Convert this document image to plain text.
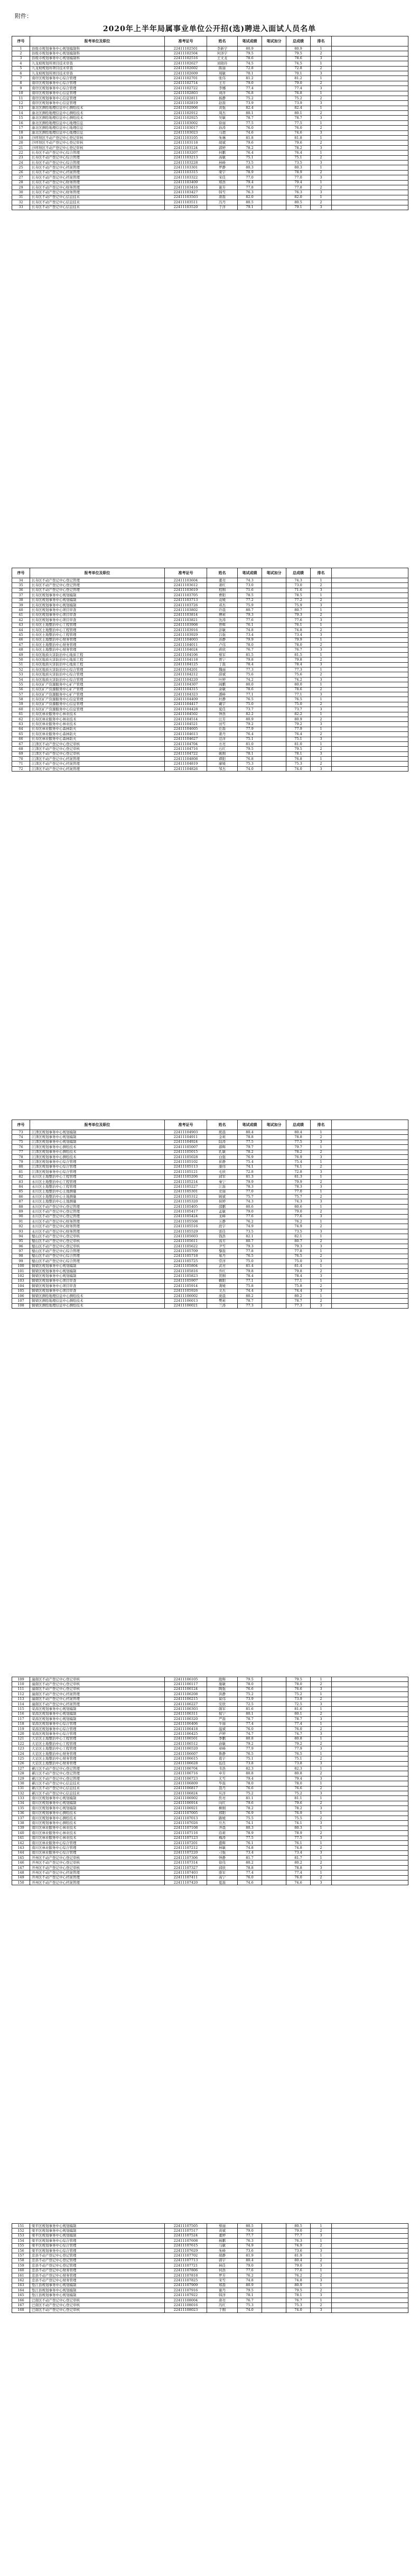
附件：
2020年上半年局属事业单位公开招(选)聘进入面试人员名单
序号	报考单位及职位	准考证号	姓名	笔试成绩	笔试加分	总成绩	排名	
1	县级市规划事务中心规划编制科	22411102501	李新宇	80.9		80.9	1	
2	县级市规划事务中心规划编制科	22411102504	何泽宇	79.5		79.5	2	
3	县级市规划事务中心规划编制科	22411102516	王文龙	78.6		78.6	3	
4	九龙坡规划所项目技术审查	22411102627	刘晓玲	74.5		74.5	1	
5	九龙坡规划所项目技术审查	22411102602	陈丽	72.8		72.8	2	
6	九龙坡规划所项目技术审查	22411102609	周敏	70.1		70.1	3	
7	南岸区规划事务中心综合管理	22411102701	张伟	81.2		81.2	1	
8	南岸区规划事务中心综合管理	22411102714	王芳	79.0		79.0	2	
9	南岸区规划事务中心综合管理	22411102722	李娜	77.4		77.4	3	
10	南岸区规划事务中心信息管理	22411102803	刘洋	76.8		76.8	1	
11	南岸区规划事务中心信息管理	22411102811	杨静	75.2		75.2	2	
12	南岸区规划事务中心信息管理	22411102819	赵磊	73.9		73.9	3	
13	渝北区测绘地理信息中心测绘技术	22411102906	黄强	82.4		82.4	1	
14	渝北区测绘地理信息中心测绘技术	22411102912	周杰	80.1		80.1	2	
15	渝北区测绘地理信息中心测绘技术	22411102925	吴敏	78.7		78.7	3	
16	渝北区测绘地理信息中心地理信息	22411103002	徐丽	77.5		77.5	1	
17	渝北区测绘地理信息中心地理信息	22411103017	孙涛	76.0		76.0	2	
18	渝北区测绘地理信息中心地理信息	22411103023	马超	74.6		74.6	3	
19	沙坪坝区不动产登记中心登记审核	22411103105	朱琳	81.8		81.8	1	
20	沙坪坝区不动产登记中心登记审核	22411103118	胡斌	79.6		79.6	2	
21	沙坪坝区不动产登记中心登记审核	22411103124	郭婷	78.2		78.2	3	
22	长寿区不动产登记中心综合管理	22411103207	何鹏	76.4		76.4	1	
23	长寿区不动产登记中心综合管理	22411103213	高敏	75.1		75.1	2	
24	长寿区不动产登记中心综合管理	22411103228	林峰	73.5		73.5	3	
25	长寿区不动产登记中心档案管理	22411103301	罗静	80.3		80.3	1	
26	长寿区不动产登记中心档案管理	22411103315	梁宇	78.9		78.9	2	
27	长寿区不动产登记中心档案管理	22411103322	宋佳	77.0		77.0	3	
28	长寿区不动产登记中心财务管理	22411103409	郑浩	79.4		79.4	1	
29	长寿区不动产登记中心财务管理	22411103416	谢芳	77.8		77.8	2	
30	长寿区不动产登记中心财务管理	22411103427	韩雪	76.3		76.3	3	
31	长寿区不动产登记中心信息技术	22411103503	唐磊	82.0		82.0	1	
32	长寿区不动产登记中心信息技术	22411103511	冯丹	80.5		80.5	2	
33	长寿区不动产登记中心信息技术	22411103520	于洋	79.1		79.1	3	
序号	报考单位及职位	准考证号	姓名	笔试成绩	笔试加分	总成绩	排名	
34	长寿区不动产登记中心登记管理	22411103604	董亮	74.3		74.3	1	
35	长寿区不动产登记中心登记管理	22411103612	萧红	73.0		73.0	2	
36	长寿区不动产登记中心登记管理	22411103619	程刚	71.6		71.6	3	
37	长寿区规划事务中心规划编制	22411103705	曹阳	78.5		78.5	1	
38	长寿区规划事务中心规划编制	22411103713	袁媛	77.2		77.2	2	
39	长寿区规划事务中心规划编制	22411103726	邓杰	75.9		75.9	3	
40	长寿区规划事务中心项目审查	22411103802	许晨	80.7		80.7	1	
41	长寿区规划事务中心项目审查	22411103814	傅莉	79.3		79.3	2	
42	长寿区规划事务中心项目审查	22411103821	沈涛	77.6		77.6	3	
43	长寿区土地整治中心工程管理	22411103908	曾辉	76.1		76.1	1	
44	长寿区土地整治中心工程管理	22411103916	彭敏	74.8		74.8	2	
45	长寿区土地整治中心工程管理	22411103929	吕强	73.4		73.4	3	
46	长寿区土地整治中心财务管理	22411104003	苏静	79.9		79.9	1	
47	长寿区土地整治中心财务管理	22411104011	卢伟	78.0		78.0	2	
48	长寿区土地整治中心财务管理	22411104024	蒋欣	76.7		76.7	3	
49	长寿区地质灾害防治中心地质工程	22411104106	蔡军	81.5		81.5	1	
50	长寿区地质灾害防治中心地质工程	22411104118	贾宁	79.8		79.8	2	
51	长寿区地质灾害防治中心地质工程	22411104125	丁磊	78.4		78.4	3	
52	长寿区地质灾害防治中心综合管理	22411104201	魏丽	77.3		77.3	1	
53	长寿区地质灾害防治中心综合管理	22411104212	薛斌	75.6		75.6	2	
54	长寿区地质灾害防治中心综合管理	22411104220	叶婷	74.2		74.2	3	
55	长寿区矿产资源服务中心矿产管理	22411104307	阎鹏	80.0		80.0	1	
56	长寿区矿产资源服务中心矿产管理	22411104315	余敏	78.6		78.6	2	
57	长寿区矿产资源服务中心矿产管理	22411104323	潘峰	77.1		77.1	3	
58	长寿区矿产资源服务中心信息管理	22411104409	杜静	76.5		76.5	1	
59	长寿区矿产资源服务中心信息管理	22411104417	戴宇	75.0		75.0	2	
60	长寿区矿产资源服务中心信息管理	22411104428	夏佳	73.7		73.7	3	
61	长寿区林业服务中心林业技术	22411104502	钟浩	82.2		82.2	1	
62	长寿区林业服务中心林业技术	22411104514	汪芳	80.9		80.9	2	
63	长寿区林业服务中心林业技术	22411104521	田雪	79.2		79.2	3	
64	长寿区林业服务中心森林防火	22411104605	任磊	77.9		77.9	1	
65	长寿区林业服务中心森林防火	22411104613	姜丹	76.4		76.4	2	
66	长寿区林业服务中心森林防火	22411104627	范洋	75.1		75.1	3	
67	江津区不动产登记中心登记审核	22411104704	方亮	81.0		81.0	1	
68	江津区不动产登记中心登记审核	22411104716	石红	79.5		79.5	2	
69	江津区不动产登记中心登记审核	22411104722	姚刚	78.1		78.1	3	
70	江津区不动产登记中心档案管理	22411104808	谭阳	76.8		76.8	1	
71	江津区不动产登记中心档案管理	22411104819	廖媛	75.3		75.3	2	
72	江津区不动产登记中心档案管理	22411104826	邹杰	74.0		74.0	3	
序号	报考单位及职位	准考证号	姓名	笔试成绩	笔试加分	总成绩	排名	
73	江津区规划事务中心规划编制	22411104903	熊晨	80.4		80.4	1	
74	江津区规划事务中心规划编制	22411104911	金莉	78.8		78.8	2	
75	江津区规划事务中心规划编制	22411104924	陆涛	77.5		77.5	3	
76	江津区规划事务中心测绘技术	22411105007	郝辉	79.7		79.7	1	
77	江津区规划事务中心测绘技术	22411105015	孔敏	78.2		78.2	2	
78	江津区规划事务中心测绘技术	22411105028	白强	76.9		76.9	3	
79	江津区规划事务中心综合管理	22411105102	崔静	75.4		75.4	1	
80	江津区规划事务中心综合管理	22411105113	康伟	74.1		74.1	2	
81	江津区规划事务中心综合管理	22411105121	毛欣	72.8		72.8	3	
82	永川区土地整治中心工程管理	22411105206	邱军	81.3		81.3	1	
83	永川区土地整治中心工程管理	22411105214	秦宁	79.9		79.9	2	
84	永川区土地整治中心工程管理	22411105227	江磊	78.3		78.3	3	
85	永川区土地整治中心土地测量	22411105301	史丽	77.0		77.0	1	
86	永川区土地整治中心土地测量	22411105312	顾斌	75.7		75.7	2	
87	永川区土地整治中心土地测量	22411105320	侯婷	74.3		74.3	3	
88	永川区不动产登记中心登记管理	22411105405	邵鹏	80.6		80.6	1	
89	永川区不动产登记中心登记管理	22411105417	孟敏	79.0		79.0	2	
90	永川区不动产登记中心登记管理	22411105424	龙峰	77.6		77.6	3	
91	永川区不动产登记中心财务管理	22411105508	万静	76.2		76.2	1	
92	永川区不动产登记中心财务管理	22411105516	段宇	74.9		74.9	2	
93	永川区不动产登记中心财务管理	22411105529	雷佳	73.5		73.5	3	
94	璧山区不动产登记中心登记审核	22411105603	钱浩	82.1		82.1	1	
95	璧山区不动产登记中心登记审核	22411105611	汤芳	80.7		80.7	2	
96	璧山区不动产登记中心登记审核	22411105622	尹雪	79.3		79.3	3	
97	璧山区不动产登记中心综合管理	22411105709	黎磊	77.8		77.8	1	
98	璧山区不动产登记中心综合管理	22411105718	易丹	76.5		76.5	2	
99	璧山区不动产登记中心综合管理	22411105725	常洋	75.0		75.0	3	
100	铜梁区规划事务中心规划编制	22411105804	武亮	81.4		81.4	1	
101	铜梁区规划事务中心规划编制	22411105816	乔红	79.8		79.8	2	
102	铜梁区规划事务中心规划编制	22411105823	贺刚	78.4		78.4	3	
103	铜梁区规划事务中心项目审查	22411105907	赖阳	77.1		77.1	1	
104	铜梁区规划事务中心项目审查	22411105914	龚媛	75.8		75.8	2	
105	铜梁区规划事务中心项目审查	22411105926	文杰	74.4		74.4	3	
106	铜梁区测绘地理信息中心测绘技术	22411106002	庞晨	80.2		80.2	1	
107	铜梁区测绘地理信息中心测绘技术	22411106013	樊莉	78.7		78.7	2	
108	铜梁区测绘地理信息中心测绘技术	22411106021	兰涛	77.3		77.3	3	
109	潼南区不动产登记中心登记审核	22411106105	殷辉	79.5		79.5	1	
110	潼南区不动产登记中心登记审核	22411106117	施敏	78.0		78.0	2	
111	潼南区不动产登记中心登记审核	22411106124	陶强	76.6		76.6	3	
112	潼南区不动产登记中心档案管理	22411106208	洪静	75.2		75.2	1	
113	潼南区不动产登记中心档案管理	22411106215	翟伟	73.9		73.9	2	
114	潼南区不动产登记中心档案管理	22411106227	安欣	72.5		72.5	3	
115	荣昌区规划事务中心规划编制	22411106303	颜军	81.6		81.6	1	
116	荣昌区规划事务中心规划编制	22411106311	倪宁	80.1		80.1	2	
117	荣昌区规划事务中心规划编制	22411106320	严磊	78.7		78.7	3	
118	荣昌区规划事务中心综合管理	22411106406	牛丽	77.4		77.4	1	
119	荣昌区规划事务中心综合管理	22411106418	温斌	76.0		76.0	2	
120	荣昌区规划事务中心综合管理	22411106425	芦婷	74.7		74.7	3	
121	大足区土地整治中心工程管理	22411106501	季鹏	80.8		80.8	1	
122	大足区土地整治中心工程管理	22411106512	俞敏	79.2		79.2	2	
123	大足区土地整治中心工程管理	22411106520	章峰	77.9		77.9	3	
124	大足区土地整治中心财务管理	22411106607	鲁静	76.5		76.5	1	
125	大足区土地整治中心财务管理	22411106615	葛宇	75.1		75.1	2	
126	大足区土地整治中心财务管理	22411106628	伍佳	73.8		73.8	3	
127	綦江区不动产登记中心登记管理	22411106704	韦浩	82.3		82.3	1	
128	綦江区不动产登记中心登记管理	22411106716	申芳	80.8		80.8	2	
129	綦江区不动产登记中心登记管理	22411106723	尤雪	79.4		79.4	3	
130	綦江区不动产登记中心信息技术	22411106809	毕磊	78.0		78.0	1	
131	綦江区不动产登记中心信息技术	22411106817	聂丹	76.6		76.6	2	
132	綦江区不动产登记中心信息技术	22411106824	丛洋	75.2		75.2	3	
133	南川区规划事务中心规划编制	22411106902	焦亮	81.1		81.1	1	
134	南川区规划事务中心规划编制	22411106914	向红	79.6		79.6	2	
135	南川区规划事务中心规划编制	22411106921	柳刚	78.2		78.2	3	
136	南川区规划事务中心测绘技术	22411107005	邢阳	76.9		76.9	1	
137	南川区规划事务中心测绘技术	22411107013	路媛	75.5		75.5	2	
138	南川区规划事务中心测绘技术	22411107026	岳杰	74.1		74.1	3	
139	南川区林业服务中心林业技术	22411107108	齐晨	80.3		80.3	1	
140	南川区林业服务中心林业技术	22411107116	沿莉	78.9		78.9	2	
141	南川区林业服务中心林业技术	22411107123	梅涛	77.5		77.5	3	
142	南川区林业服务中心综合管理	22411107201	盛辉	76.1		76.1	1	
143	南川区林业服务中心综合管理	22411107212	林敏	74.8		74.8	2	
144	南川区林业服务中心综合管理	22411107220	刁强	73.4		73.4	3	
145	开州区不动产登记中心登记审核	22411107306	钟静	81.7		81.7	1	
146	开州区不动产登记中心登记审核	22411107314	徐伟	80.2		80.2	2	
147	开州区不动产登记中心登记审核	22411107327	邱欣	78.8		78.8	3	
148	开州区不动产登记中心档案管理	22411107403	骆军	77.4		77.4	1	
149	开州区不动产登记中心档案管理	22411107411	高宁	76.0		76.0	2	
150	开州区不动产登记中心档案管理	22411107420	夏磊	74.6		74.6	3	
151	梁平区规划事务中心规划编制	22411107505	蔡丽	80.5		80.5	1	
152	梁平区规划事务中心规划编制	22411107517	黄斌	79.0		79.0	2	
153	梁平区规划事务中心规划编制	22411107524	董婷	77.7		77.7	3	
154	梁平区规划事务中心综合管理	22411107608	杨鹏	76.3		76.3	1	
155	梁平区规划事务中心综合管理	22411107615	马敏	74.9		74.9	2	
156	梁平区规划事务中心综合管理	22411107629	朱峰	73.6		73.6	3	
157	忠县不动产登记中心登记管理	22411107702	胡静	81.9		81.9	1	
158	忠县不动产登记中心登记管理	22411107713	郭宇	80.4		80.4	2	
159	忠县不动产登记中心登记管理	22411107721	林佳	79.0		79.0	3	
160	忠县不动产登记中心财务管理	22411107806	何浩	77.6		77.6	1	
161	忠县不动产登记中心财务管理	22411107818	罗芳	76.2		76.2	2	
162	忠县不动产登记中心财务管理	22411107825	宋雪	74.8		74.8	3	
163	垫江县规划事务中心规划编制	22411107909	郑磊	80.9		80.9	1	
164	垫江县规划事务中心规划编制	22411107916	谢丹	79.5		79.5	2	
165	垫江县规划事务中心规划编制	22411107922	韩洋	78.1		78.1	3	
166	巴南区不动产登记中心登记审核	22411108004	唐亮	76.7		76.7	1	
167	巴南区不动产登记中心登记审核	22411108016	冯红	75.3		75.3	2	
168	巴南区不动产登记中心登记审核	22411108023	于刚	74.0		74.0	3	
